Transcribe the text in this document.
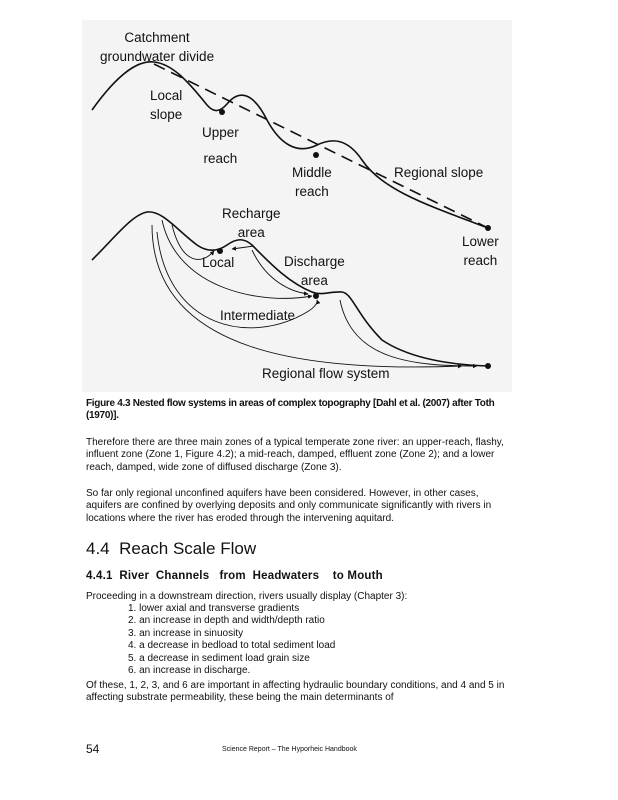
Catchment
groundwater divide
Local
slope
Upper
reach
Middle
reach
Regional slope
Lower
reach
Recharge
area
Local	Discharge
area
Intermediate
Regional flow system
Figure 4.3 Nested flow systems in areas of complex topography [Dahl et al. (2007) after Toth (1970)].
Therefore there are three main zones of a typical temperate zone river: an upper-reach, flashy, influent zone (Zone 1, Figure 4.2); a mid-reach, damped, effluent zone (Zone 2); and a lower reach, damped, wide zone of diffused discharge (Zone 3).
So far only regional unconfined aquifers have been considered. However, in other cases, aquifers are confined by overlying deposits and only communicate significantly with rivers in locations where the river has eroded through the intervening aquitard.
4.4 Reach Scale Flow
4.4.1 River  Channels   from  Headwaters    to Mouth
Proceeding in a downstream direction, rivers usually display (Chapter 3):
1. lower axial and transverse gradients
2. an increase in depth and width/depth ratio
3. an increase in sinuosity
4. a decrease in bedload to total sediment load
5. a decrease in sediment load grain size
6. an increase in discharge.
Of these, 1, 2, 3, and 6 are important in affecting hydraulic boundary conditions, and 4 and 5 in affecting substrate permeability, these being the main determinants of
54	Science Report – The Hyporheic Handbook
